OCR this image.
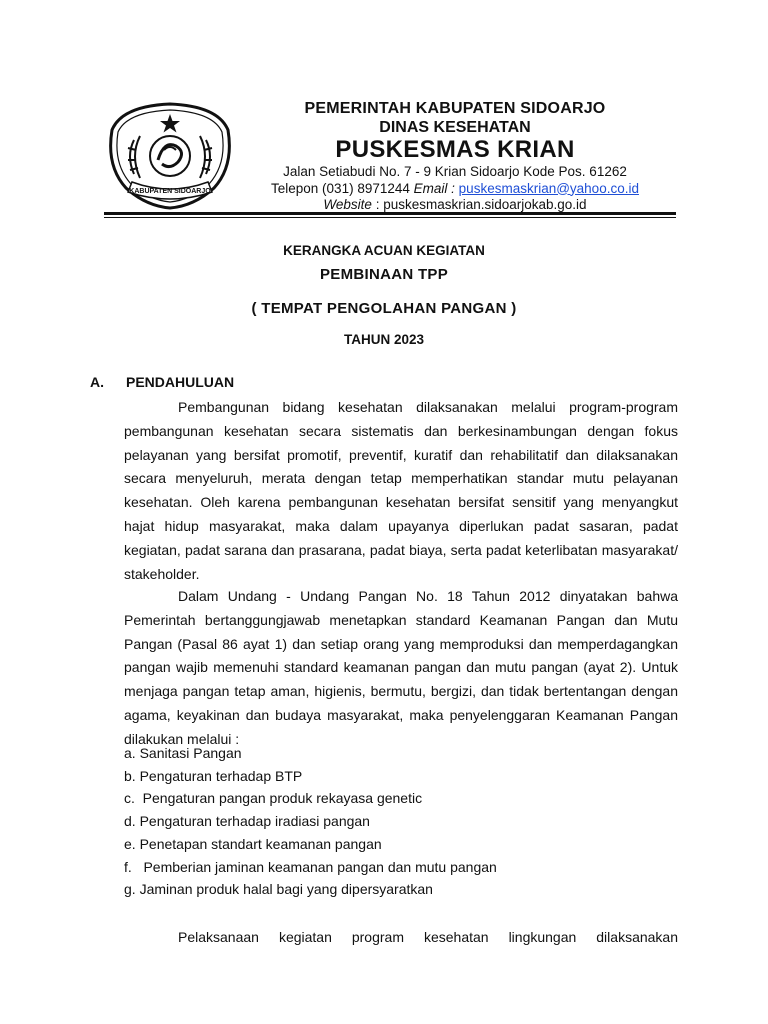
KABUPATEN SIDOARJO
PEMERINTAH KABUPATEN SIDOARJO
DINAS KESEHATAN
PUSKESMAS KRIAN
Jalan Setiabudi No. 7 - 9 Krian Sidoarjo Kode Pos. 61262
Telepon (031) 8971244 Email : puskesmaskrian@yahoo.co.id
Website : puskesmaskrian.sidoarjokab.go.id
KERANGKA ACUAN KEGIATAN
PEMBINAAN TPP
( TEMPAT PENGOLAHAN PANGAN )
TAHUN 2023
A. PENDAHULUAN

Pembangunan bidang kesehatan dilaksanakan melalui program-program pembangunan kesehatan secara sistematis dan berkesinambungan dengan fokus pelayanan yang bersifat promotif, preventif, kuratif dan rehabilitatif dan dilaksanakan secara menyeluruh, merata dengan tetap memperhatikan standar mutu pelayanan kesehatan. Oleh karena pembangunan kesehatan bersifat sensitif yang menyangkut hajat hidup masyarakat, maka dalam upayanya diperlukan padat sasaran, padat kegiatan, padat sarana dan prasarana, padat biaya, serta padat keterlibatan masyarakat/ stakeholder.

Dalam Undang - Undang Pangan No. 18 Tahun 2012 dinyatakan bahwa Pemerintah bertanggungjawab menetapkan standard Keamanan Pangan dan Mutu Pangan (Pasal 86 ayat 1) dan setiap orang yang memproduksi dan memperdagangkan pangan wajib memenuhi standard keamanan pangan dan mutu pangan (ayat 2). Untuk menjaga pangan tetap aman, higienis, bermutu, bergizi, dan tidak bertentangan dengan agama, keyakinan dan budaya masyarakat, maka penyelenggaran Keamanan Pangan dilakukan melalui :

a. Sanitasi Pangan
b. Pengaturan terhadap BTP
c.  Pengaturan pangan produk rekayasa genetic
d. Pengaturan terhadap iradiasi pangan
e. Penetapan standart keamanan pangan
f.   Pemberian jaminan keamanan pangan dan mutu pangan
g. Jaminan produk halal bagi yang dipersyaratkan

Pelaksanaan kegiatan program kesehatan lingkungan dilaksanakan
